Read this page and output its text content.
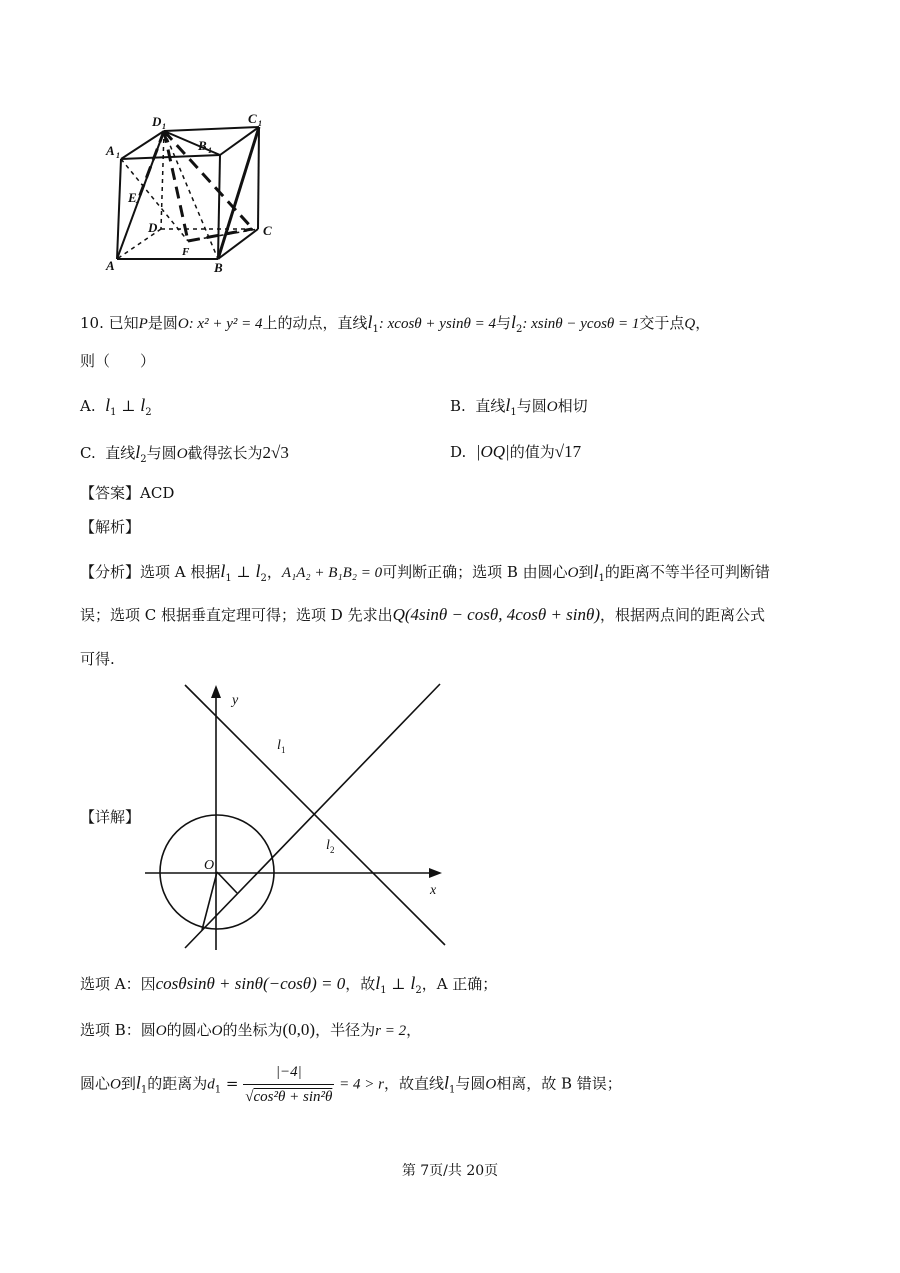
A 1
D 1
C 1
B 1
E
D	C
F
A	B
10. 已知P是圆O: x² + y² = 4上的动点，直线$l_1$: xcosθ + ysinθ = 4与$l_2$: xsinθ − ycosθ = 1交于点Q，
则（　　）
A. $l_1$ ⊥ $l_2$	B. 直线$l_1$与圆O相切
C. 直线$l_2$与圆O截得弦长为2√3	D. |OQ|的值为√17
【答案】ACD
【解析】
【分析】选项 A 根据$l_1$ ⊥ $l_2$，A₁A₂ + B₁B₂ = 0可判断正确；选项 B 由圆心O到$l_1$的距离不等半径可判断错
误；选项 C 根据垂直定理可得；选项 D 先求出Q(4sinθ − cosθ, 4cosθ + sinθ)，根据两点间的距离公式
可得.
【详解】
y
x
O
l 1
l 2
选项 A：因cosθsinθ + sinθ(−cosθ) = 0，故$l_1$ ⊥ $l_2$，A 正确；
选项 B：圆O的圆心O的坐标为(0,0)，半径为r = 2，
圆心O到$l_1$的距离为$d_1 = \frac{|-4|}{\text{√cos²θ + sin²θ}} = 4 > r$，故直线$l_1$与圆O相离，故 B 错误；
第 7页/共 20页
